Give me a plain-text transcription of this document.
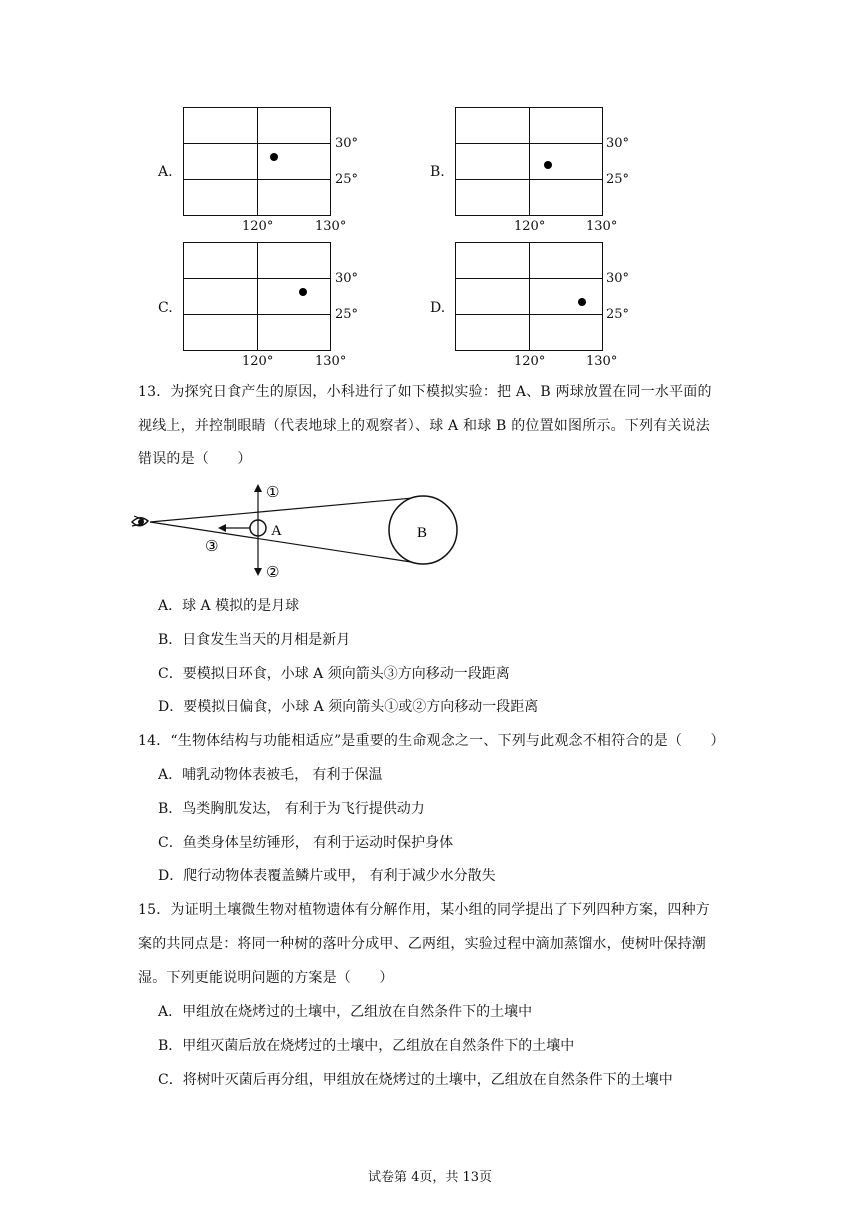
A.
30°
25°
120°	130°
B.
30°
25°
120°	130°
C.
30°
25°
120°	130°
D.
30°
25°
120°	130°
13．为探究日食产生的原因，小科进行了如下模拟实验：把 A、B 两球放置在同一水平面的
视线上，并控制眼睛（代表地球上的观察者）、球 A 和球 B 的位置如图所示。下列有关说法
错误的是（　　）
A	B
①
②
③
A．球 A 模拟的是月球
B．日食发生当天的月相是新月
C．要模拟日环食，小球 A 须向箭头③方向移动一段距离
D．要模拟日偏食，小球 A 须向箭头①或②方向移动一段距离
14．“生物体结构与功能相适应”是重要的生命观念之一、下列与此观念不相符合的是（　　）
A．哺乳动物体表被毛， 有利于保温
B．鸟类胸肌发达， 有利于为飞行提供动力
C．鱼类身体呈纺锤形， 有利于运动时保护身体
D．爬行动物体表覆盖鳞片或甲， 有利于减少水分散失
15．为证明土壤微生物对植物遗体有分解作用，某小组的同学提出了下列四种方案，四种方
案的共同点是：将同一种树的落叶分成甲、乙两组，实验过程中滴加蒸馏水，使树叶保持潮
湿。下列更能说明问题的方案是（　　）
A．甲组放在烧烤过的土壤中，乙组放在自然条件下的土壤中
B．甲组灭菌后放在烧烤过的土壤中，乙组放在自然条件下的土壤中
C．将树叶灭菌后再分组，甲组放在烧烤过的土壤中，乙组放在自然条件下的土壤中
试卷第 4页，共 13页
